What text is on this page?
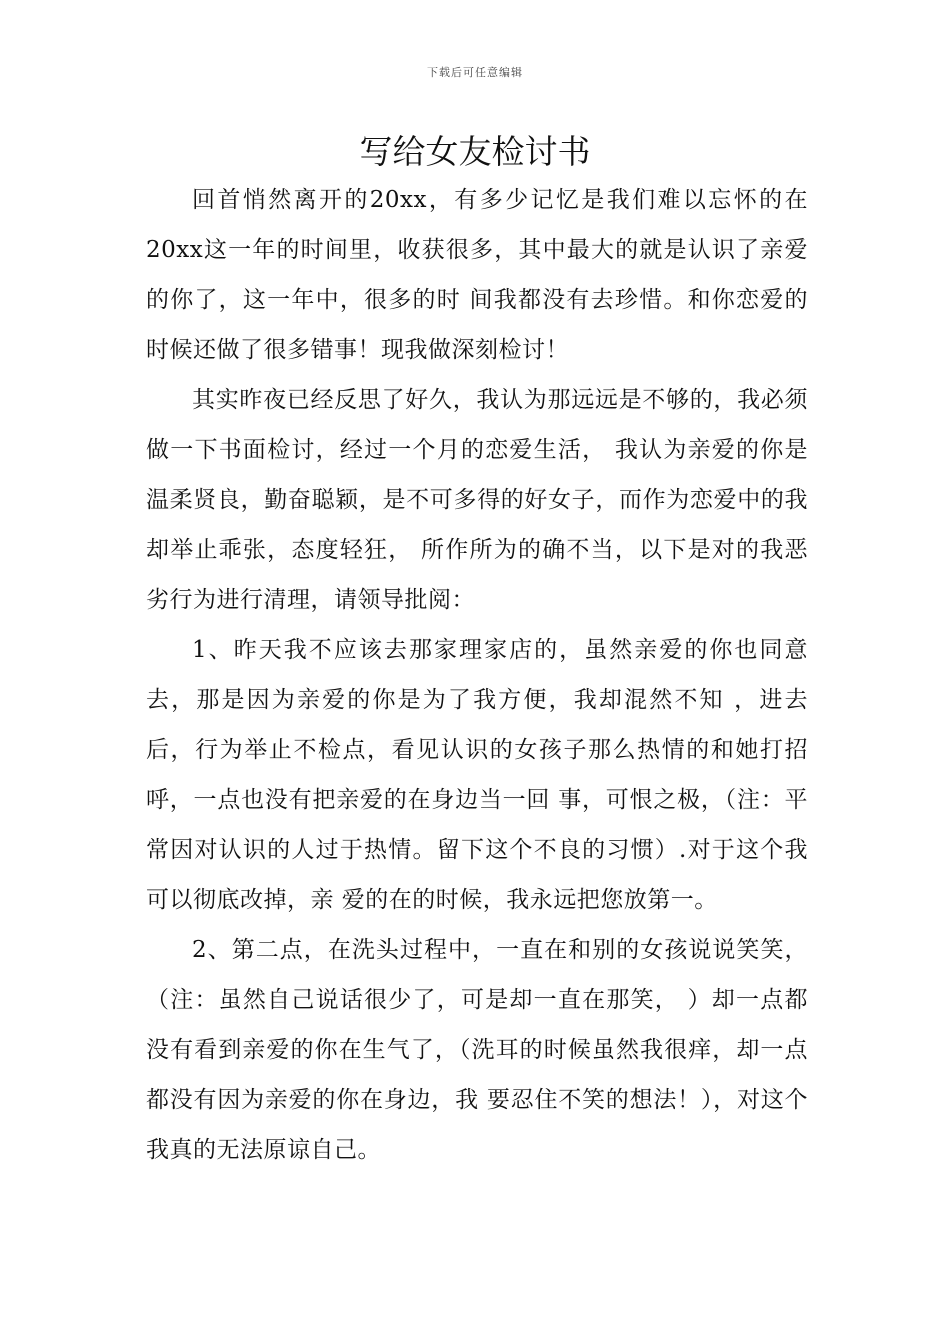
下载后可任意编辑
写给女友检讨书

回首悄然离开的20xx，有多少记忆是我们难以忘怀的在20xx这一年的时间里，收获很多，其中最大的就是认识了亲爱的你了，这一年中，很多的时 间我都没有去珍惜。和你恋爱的时候还做了很多错事！现我做深刻检讨！

其实昨夜已经反思了好久，我认为那远远是不够的，我必须做一下书面检讨，经过一个月的恋爱生活， 我认为亲爱的你是温柔贤良，勤奋聪颖，是不可多得的好女子，而作为恋爱中的我却举止乖张，态度轻狂， 所作所为的确不当，以下是对的我恶劣行为进行清理，请领导批阅：

1、昨天我不应该去那家理家店的，虽然亲爱的你也同意去，那是因为亲爱的你是为了我方便，我却混然不知 ，进去后，行为举止不检点，看见认识的女孩子那么热情的和她打招呼，一点也没有把亲爱的在身边当一回 事，可恨之极，（注：平常因对认识的人过于热情。留下这个不良的习惯）.对于这个我可以彻底改掉，亲 爱的在的时候，我永远把您放第一。

2、第二点，在洗头过程中，一直在和别的女孩说说笑笑，（注：虽然自己说话很少了，可是却一直在那笑， ）却一点都没有看到亲爱的你在生气了，（洗耳的时候虽然我很痒，却一点都没有因为亲爱的你在身边，我 要忍住不笑的想法！），对这个我真的无法原谅自己。
